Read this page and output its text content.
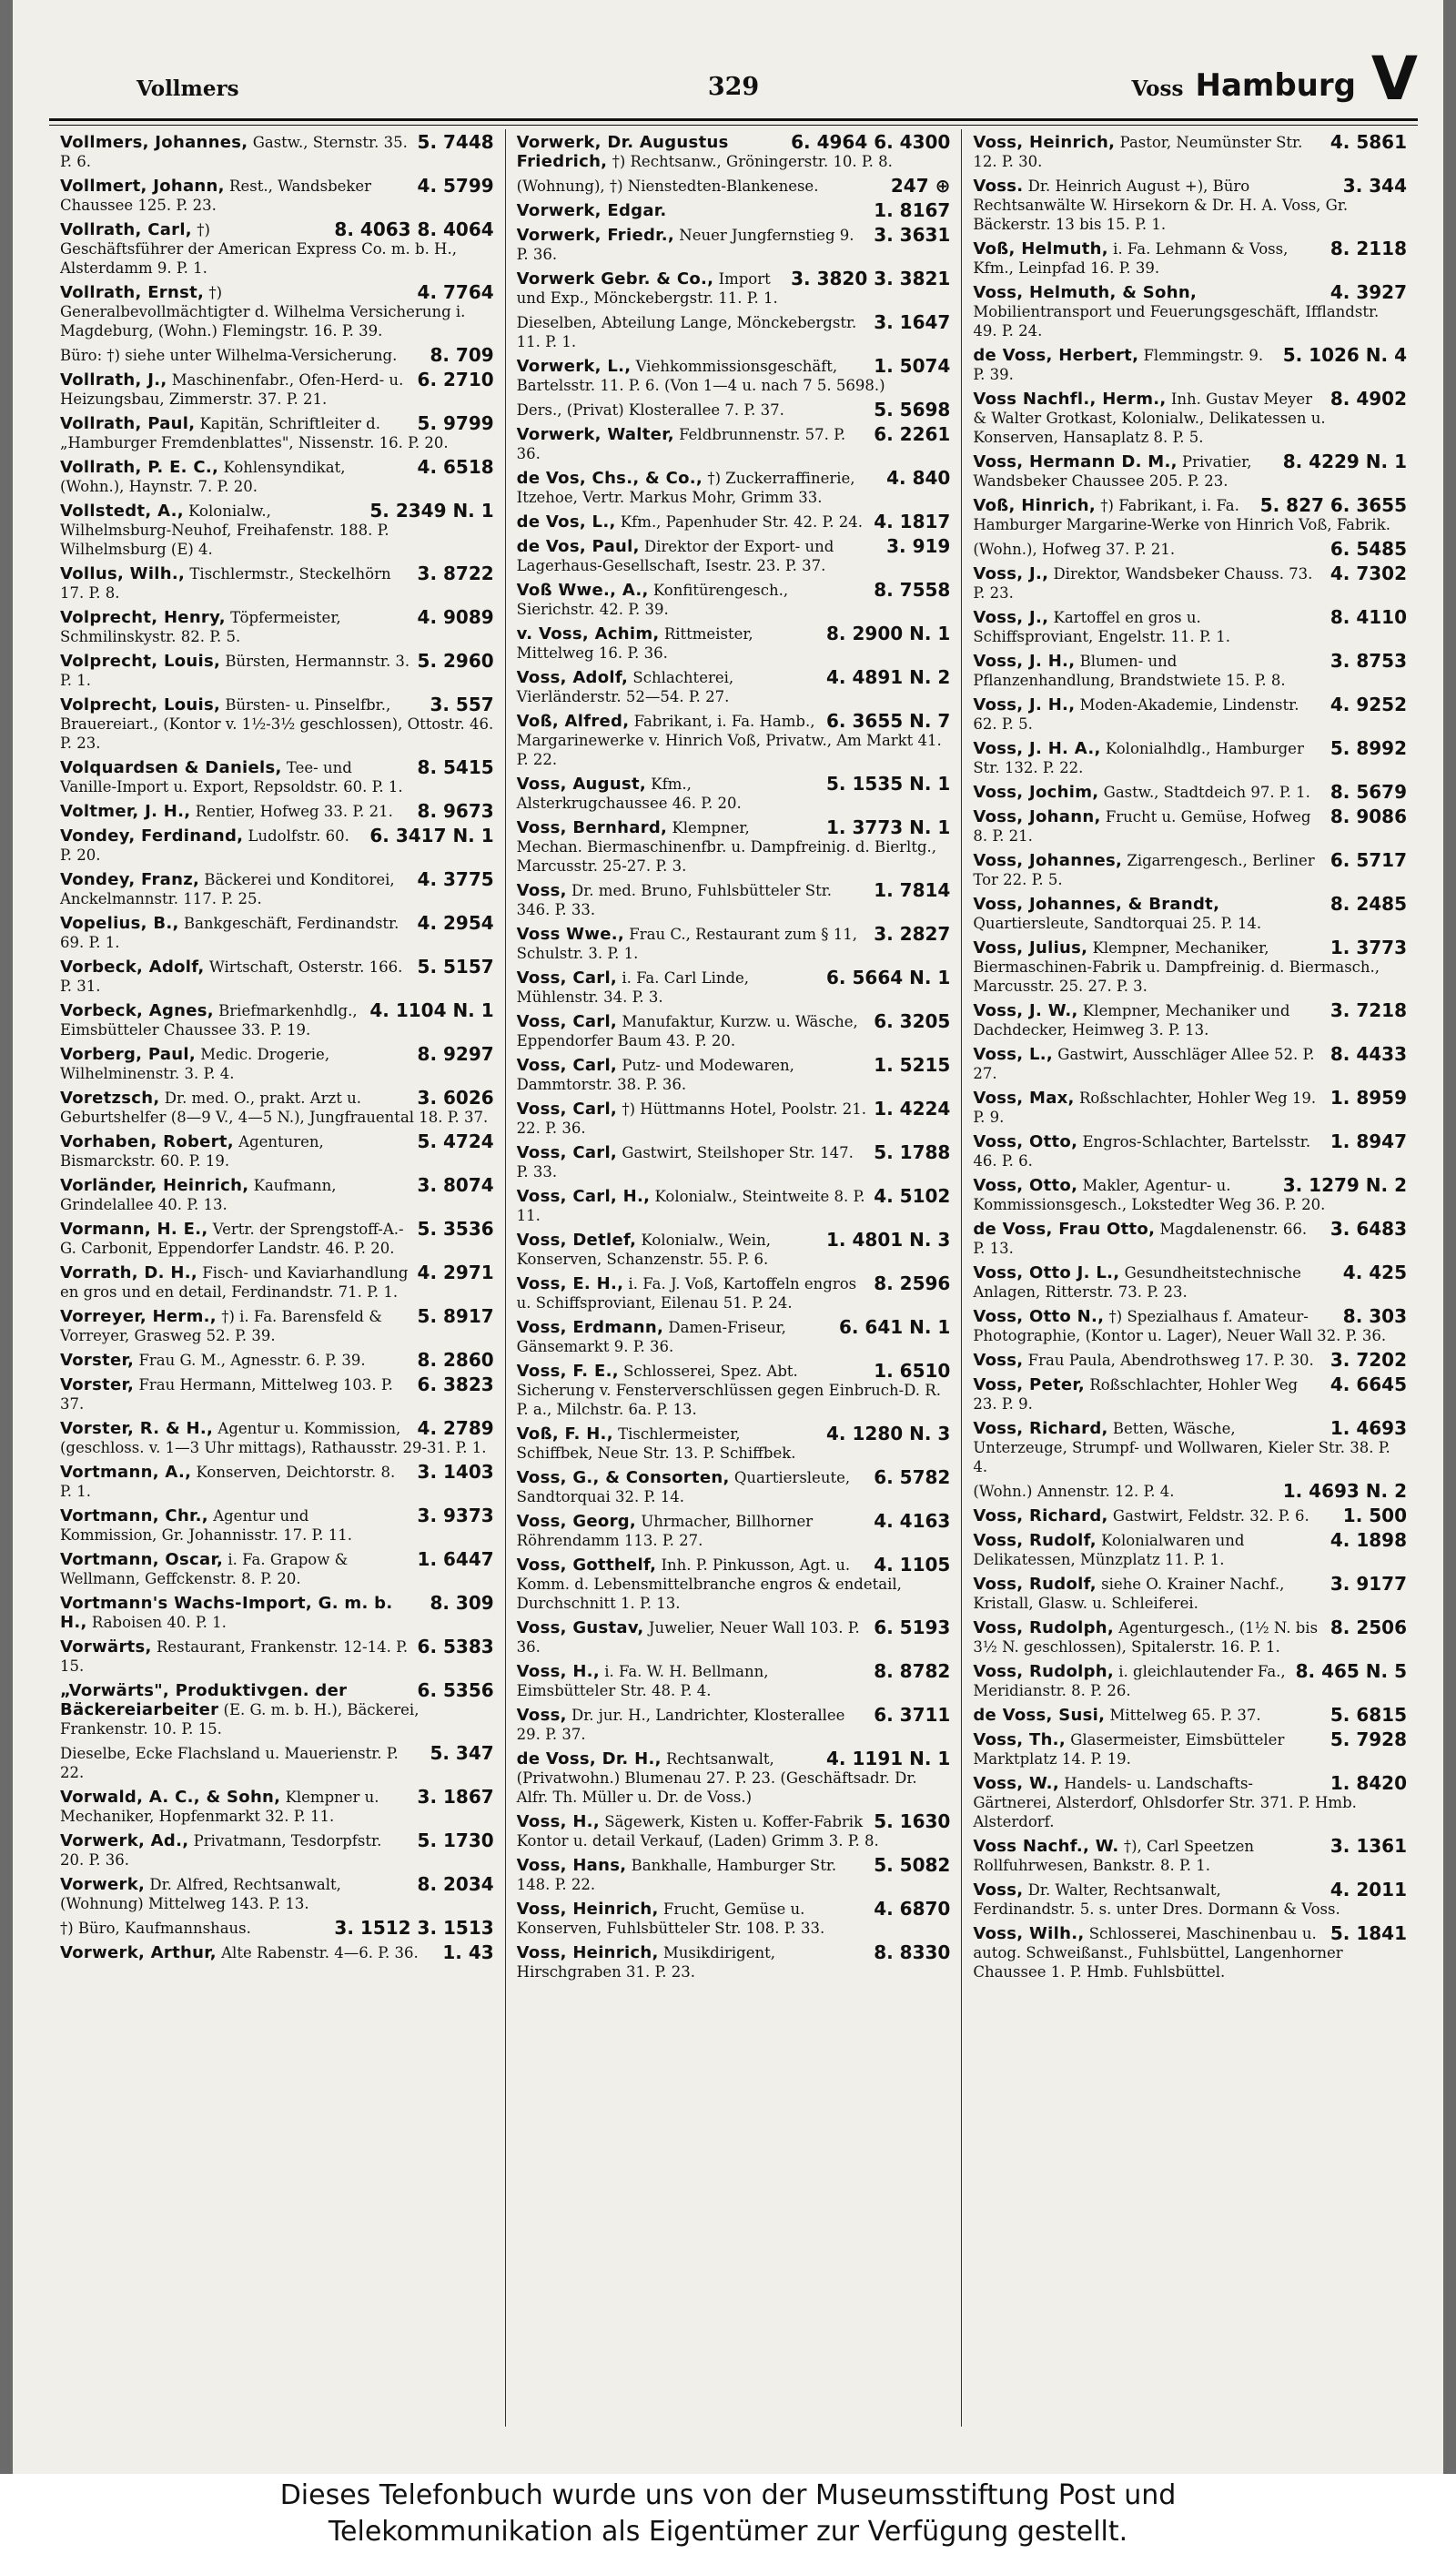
Vollmers	329	Voss Hamburg V
5. 7448
Vollmers, Johannes, Gastw., Sternstr. 35. P. 6.
4. 5799
Vollmert, Johann, Rest., Wandsbeker Chaussee 125. P. 23.
8. 4063 8. 4064
Vollrath, Carl, †) Geschäftsführer der American Express Co. m. b. H., Alsterdamm 9. P. 1.
4. 7764
Vollrath, Ernst, †) Generalbevollmächtigter d. Wilhelma Versicherung i. Magdeburg, (Wohn.) Flemingstr. 16. P. 39.
8. 709
Büro: †) siehe unter Wilhelma-Versicherung.
6. 2710
Vollrath, J., Maschinenfabr., Ofen-Herd- u. Heizungsbau, Zimmerstr. 37. P. 21.
5. 9799
Vollrath, Paul, Kapitän, Schriftleiter d. „Hamburger Fremdenblattes", Nissenstr. 16. P. 20.
4. 6518
Vollrath, P. E. C., Kohlensyndikat, (Wohn.), Haynstr. 7. P. 20.
5. 2349 N. 1
Vollstedt, A., Kolonialw., Wilhelmsburg-Neuhof, Freihafenstr. 188. P. Wilhelmsburg (E) 4.
3. 8722
Vollus, Wilh., Tischlermstr., Steckelhörn 17. P. 8.
4. 9089
Volprecht, Henry, Töpfermeister, Schmilinskystr. 82. P. 5.
5. 2960
Volprecht, Louis, Bürsten, Hermannstr. 3. P. 1.
3. 557
Volprecht, Louis, Bürsten- u. Pinselfbr., Brauereiart., (Kontor v. 1½-3½ geschlossen), Ottostr. 46. P. 23.
8. 5415
Volquardsen & Daniels, Tee- und Vanille-Import u. Export, Repsoldstr. 60. P. 1.
8. 9673
Voltmer, J. H., Rentier, Hofweg 33. P. 21.
6. 3417 N. 1
Vondey, Ferdinand, Ludolfstr. 60. P. 20.
4. 3775
Vondey, Franz, Bäckerei und Konditorei, Anckelmannstr. 117. P. 25.
4. 2954
Vopelius, B., Bankgeschäft, Ferdinandstr. 69. P. 1.
5. 5157
Vorbeck, Adolf, Wirtschaft, Osterstr. 166. P. 31.
4. 1104 N. 1
Vorbeck, Agnes, Briefmarkenhdlg., Eimsbütteler Chaussee 33. P. 19.
8. 9297
Vorberg, Paul, Medic. Drogerie, Wilhelminenstr. 3. P. 4.
3. 6026
Voretzsch, Dr. med. O., prakt. Arzt u. Geburtshelfer (8—9 V., 4—5 N.), Jungfrauental 18. P. 37.
5. 4724
Vorhaben, Robert, Agenturen, Bismarckstr. 60. P. 19.
3. 8074
Vorländer, Heinrich, Kaufmann, Grindelallee 40. P. 13.
5. 3536
Vormann, H. E., Vertr. der Sprengstoff-A.-G. Carbonit, Eppendorfer Landstr. 46. P. 20.
4. 2971
Vorrath, D. H., Fisch- und Kaviarhandlung en gros und en detail, Ferdinandstr. 71. P. 1.
5. 8917
Vorreyer, Herm., †) i. Fa. Barensfeld & Vorreyer, Grasweg 52. P. 39.
8. 2860
Vorster, Frau G. M., Agnesstr. 6. P. 39.
6. 3823
Vorster, Frau Hermann, Mittelweg 103. P. 37.
4. 2789
Vorster, R. & H., Agentur u. Kommission, (geschloss. v. 1—3 Uhr mittags), Rathausstr. 29-31. P. 1.
3. 1403
Vortmann, A., Konserven, Deichtorstr. 8. P. 1.
3. 9373
Vortmann, Chr., Agentur und Kommission, Gr. Johannisstr. 17. P. 11.
1. 6447
Vortmann, Oscar, i. Fa. Grapow & Wellmann, Geffckenstr. 8. P. 20.
8. 309
Vortmann's Wachs-Import, G. m. b. H., Raboisen 40. P. 1.
6. 5383
Vorwärts, Restaurant, Frankenstr. 12-14. P. 15.
6. 5356
„Vorwärts", Produktivgen. der Bäckereiarbeiter (E. G. m. b. H.), Bäckerei, Frankenstr. 10. P. 15.
5. 347
Dieselbe, Ecke Flachsland u. Mauerienstr. P. 22.
3. 1867
Vorwald, A. C., & Sohn, Klempner u. Mechaniker, Hopfenmarkt 32. P. 11.
5. 1730
Vorwerk, Ad., Privatmann, Tesdorpfstr. 20. P. 36.
8. 2034
Vorwerk, Dr. Alfred, Rechtsanwalt, (Wohnung) Mittelweg 143. P. 13.
3. 1512 3. 1513
†) Büro, Kaufmannshaus.
1. 43
Vorwerk, Arthur, Alte Rabenstr. 4—6. P. 36.
6. 4964 6. 4300
Vorwerk, Dr. Augustus Friedrich, †) Rechtsanw., Gröningerstr. 10. P. 8.
247 ⊕
(Wohnung), †) Nienstedten-Blankenese.
1. 8167
Vorwerk, Edgar.
3. 3631
Vorwerk, Friedr., Neuer Jungfernstieg 9. P. 36.
3. 3820 3. 3821
Vorwerk Gebr. & Co., Import und Exp., Mönckebergstr. 11. P. 1.
3. 1647
Dieselben, Abteilung Lange, Mönckebergstr. 11. P. 1.
1. 5074
Vorwerk, L., Viehkommissionsgeschäft, Bartelsstr. 11. P. 6. (Von 1—4 u. nach 7 5. 5698.)
5. 5698
Ders., (Privat) Klosterallee 7. P. 37.
6. 2261
Vorwerk, Walter, Feldbrunnenstr. 57. P. 36.
4. 840
de Vos, Chs., & Co., †) Zuckerraffinerie, Itzehoe, Vertr. Markus Mohr, Grimm 33.
4. 1817
de Vos, L., Kfm., Papenhuder Str. 42. P. 24.
3. 919
de Vos, Paul, Direktor der Export- und Lagerhaus-Gesellschaft, Isestr. 23. P. 37.
8. 7558
Voß Wwe., A., Konfitürengesch., Sierichstr. 42. P. 39.
8. 2900 N. 1
v. Voss, Achim, Rittmeister, Mittelweg 16. P. 36.
4. 4891 N. 2
Voss, Adolf, Schlachterei, Vierländerstr. 52—54. P. 27.
6. 3655 N. 7
Voß, Alfred, Fabrikant, i. Fa. Hamb., Margarinewerke v. Hinrich Voß, Privatw., Am Markt 41. P. 22.
5. 1535 N. 1
Voss, August, Kfm., Alsterkrugchaussee 46. P. 20.
1. 3773 N. 1
Voss, Bernhard, Klempner, Mechan. Biermaschinenfbr. u. Dampfreinig. d. Bierltg., Marcusstr. 25-27. P. 3.
1. 7814
Voss, Dr. med. Bruno, Fuhlsbütteler Str. 346. P. 33.
3. 2827
Voss Wwe., Frau C., Restaurant zum § 11, Schulstr. 3. P. 1.
6. 5664 N. 1
Voss, Carl, i. Fa. Carl Linde, Mühlenstr. 34. P. 3.
6. 3205
Voss, Carl, Manufaktur, Kurzw. u. Wäsche, Eppendorfer Baum 43. P. 20.
1. 5215
Voss, Carl, Putz- und Modewaren, Dammtorstr. 38. P. 36.
1. 4224
Voss, Carl, †) Hüttmanns Hotel, Poolstr. 21. 22. P. 36.
5. 1788
Voss, Carl, Gastwirt, Steilshoper Str. 147. P. 33.
4. 5102
Voss, Carl, H., Kolonialw., Steintweite 8. P. 11.
1. 4801 N. 3
Voss, Detlef, Kolonialw., Wein, Konserven, Schanzenstr. 55. P. 6.
8. 2596
Voss, E. H., i. Fa. J. Voß, Kartoffeln engros u. Schiffsproviant, Eilenau 51. P. 24.
6. 641 N. 1
Voss, Erdmann, Damen-Friseur, Gänsemarkt 9. P. 36.
1. 6510
Voss, F. E., Schlosserei, Spez. Abt. Sicherung v. Fensterverschlüssen gegen Einbruch-D. R. P. a., Milchstr. 6a. P. 13.
4. 1280 N. 3
Voß, F. H., Tischlermeister, Schiffbek, Neue Str. 13. P. Schiffbek.
6. 5782
Voss, G., & Consorten, Quartiersleute, Sandtorquai 32. P. 14.
4. 4163
Voss, Georg, Uhrmacher, Billhorner Röhrendamm 113. P. 27.
4. 1105
Voss, Gotthelf, Inh. P. Pinkusson, Agt. u. Komm. d. Lebensmittelbranche engros & endetail, Durchschnitt 1. P. 13.
6. 5193
Voss, Gustav, Juwelier, Neuer Wall 103. P. 36.
8. 8782
Voss, H., i. Fa. W. H. Bellmann, Eimsbütteler Str. 48. P. 4.
6. 3711
Voss, Dr. jur. H., Landrichter, Klosterallee 29. P. 37.
4. 1191 N. 1
de Voss, Dr. H., Rechtsanwalt, (Privatwohn.) Blumenau 27. P. 23. (Geschäftsadr. Dr. Alfr. Th. Müller u. Dr. de Voss.)
5. 1630
Voss, H., Sägewerk, Kisten u. Koffer-Fabrik Kontor u. detail Verkauf, (Laden) Grimm 3. P. 8.
5. 5082
Voss, Hans, Bankhalle, Hamburger Str. 148. P. 22.
4. 6870
Voss, Heinrich, Frucht, Gemüse u. Konserven, Fuhlsbütteler Str. 108. P. 33.
8. 8330
Voss, Heinrich, Musikdirigent, Hirschgraben 31. P. 23.
4. 5861
Voss, Heinrich, Pastor, Neumünster Str. 12. P. 30.
3. 344
Voss. Dr. Heinrich August +), Büro Rechtsanwälte W. Hirsekorn & Dr. H. A. Voss, Gr. Bäckerstr. 13 bis 15. P. 1.
8. 2118
Voß, Helmuth, i. Fa. Lehmann & Voss, Kfm., Leinpfad 16. P. 39.
4. 3927
Voss, Helmuth, & Sohn, Mobilientransport und Feuerungsgeschäft, Ifflandstr. 49. P. 24.
5. 1026 N. 4
de Voss, Herbert, Flemmingstr. 9. P. 39.
8. 4902
Voss Nachfl., Herm., Inh. Gustav Meyer & Walter Grotkast, Kolonialw., Delikatessen u. Konserven, Hansaplatz 8. P. 5.
8. 4229 N. 1
Voss, Hermann D. M., Privatier, Wandsbeker Chaussee 205. P. 23.
5. 827 6. 3655
Voß, Hinrich, †) Fabrikant, i. Fa. Hamburger Margarine-Werke von Hinrich Voß, Fabrik.
6. 5485
(Wohn.), Hofweg 37. P. 21.
4. 7302
Voss, J., Direktor, Wandsbeker Chauss. 73. P. 23.
8. 4110
Voss, J., Kartoffel en gros u. Schiffsproviant, Engelstr. 11. P. 1.
3. 8753
Voss, J. H., Blumen- und Pflanzenhandlung, Brandstwiete 15. P. 8.
4. 9252
Voss, J. H., Moden-Akademie, Lindenstr. 62. P. 5.
5. 8992
Voss, J. H. A., Kolonialhdlg., Hamburger Str. 132. P. 22.
8. 5679
Voss, Jochim, Gastw., Stadtdeich 97. P. 1.
8. 9086
Voss, Johann, Frucht u. Gemüse, Hofweg 8. P. 21.
6. 5717
Voss, Johannes, Zigarrengesch., Berliner Tor 22. P. 5.
8. 2485
Voss, Johannes, & Brandt, Quartiersleute, Sandtorquai 25. P. 14.
1. 3773
Voss, Julius, Klempner, Mechaniker, Biermaschinen-Fabrik u. Dampfreinig. d. Biermasch., Marcusstr. 25. 27. P. 3.
3. 7218
Voss, J. W., Klempner, Mechaniker und Dachdecker, Heimweg 3. P. 13.
8. 4433
Voss, L., Gastwirt, Ausschläger Allee 52. P. 27.
1. 8959
Voss, Max, Roßschlachter, Hohler Weg 19. P. 9.
1. 8947
Voss, Otto, Engros-Schlachter, Bartelsstr. 46. P. 6.
3. 1279 N. 2
Voss, Otto, Makler, Agentur- u. Kommissionsgesch., Lokstedter Weg 36. P. 20.
3. 6483
de Voss, Frau Otto, Magdalenenstr. 66. P. 13.
4. 425
Voss, Otto J. L., Gesundheitstechnische Anlagen, Ritterstr. 73. P. 23.
8. 303
Voss, Otto N., †) Spezialhaus f. Amateur-Photographie, (Kontor u. Lager), Neuer Wall 32. P. 36.
3. 7202
Voss, Frau Paula, Abendrothsweg 17. P. 30.
4. 6645
Voss, Peter, Roßschlachter, Hohler Weg 23. P. 9.
1. 4693
Voss, Richard, Betten, Wäsche, Unterzeuge, Strumpf- und Wollwaren, Kieler Str. 38. P. 4.
1. 4693 N. 2
(Wohn.) Annenstr. 12. P. 4.
1. 500
Voss, Richard, Gastwirt, Feldstr. 32. P. 6.
4. 1898
Voss, Rudolf, Kolonialwaren und Delikatessen, Münzplatz 11. P. 1.
3. 9177
Voss, Rudolf, siehe O. Krainer Nachf., Kristall, Glasw. u. Schleiferei.
8. 2506
Voss, Rudolph, Agenturgesch., (1½ N. bis 3½ N. geschlossen), Spitalerstr. 16. P. 1.
8. 465 N. 5
Voss, Rudolph, i. gleichlautender Fa., Meridianstr. 8. P. 26.
5. 6815
de Voss, Susi, Mittelweg 65. P. 37.
5. 7928
Voss, Th., Glasermeister, Eimsbütteler Marktplatz 14. P. 19.
1. 8420
Voss, W., Handels- u. Landschafts-Gärtnerei, Alsterdorf, Ohlsdorfer Str. 371. P. Hmb. Alsterdorf.
3. 1361
Voss Nachf., W. †), Carl Speetzen Rollfuhrwesen, Bankstr. 8. P. 1.
4. 2011
Voss, Dr. Walter, Rechtsanwalt, Ferdinandstr. 5. s. unter Dres. Dormann & Voss.
5. 1841
Voss, Wilh., Schlosserei, Maschinenbau u. autog. Schweißanst., Fuhlsbüttel, Langenhorner Chaussee 1. P. Hmb. Fuhlsbüttel.
Dieses Telefonbuch wurde uns von der Museumsstiftung Post und
Telekommunikation als Eigentümer zur Verfügung gestellt.
